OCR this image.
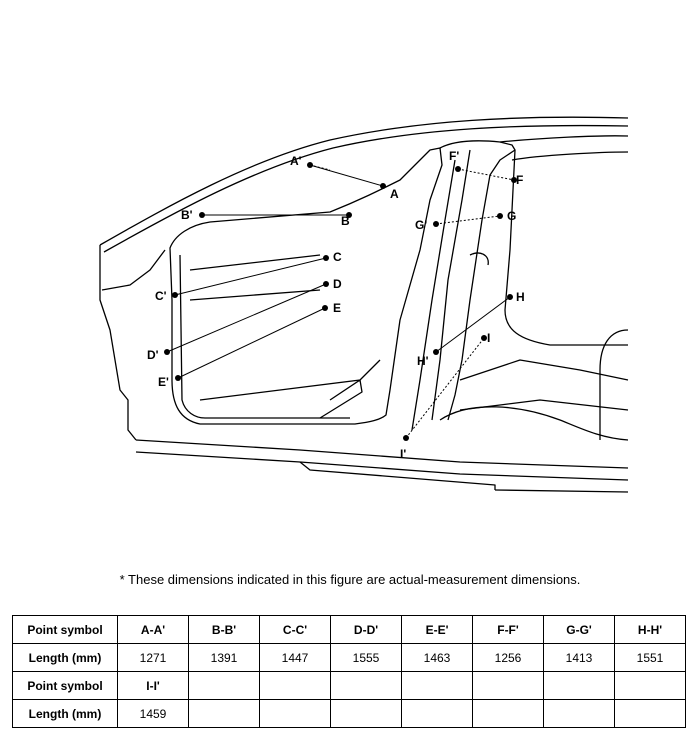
A'
A
B'	B
C
C'
D
D'
E
E'
F'
F
G'
G
H
H'
I
I'
* These dimensions indicated in this figure are actual-measurement dimensions.
Point symbol	A-A'	B-B'	C-C'	D-D'	E-E'	F-F'	G-G'	H-H'
Length (mm)	1271	1391	1447	1555	1463	1256	1413	1551
Point symbol	I-I'							
Length (mm)	1459							
